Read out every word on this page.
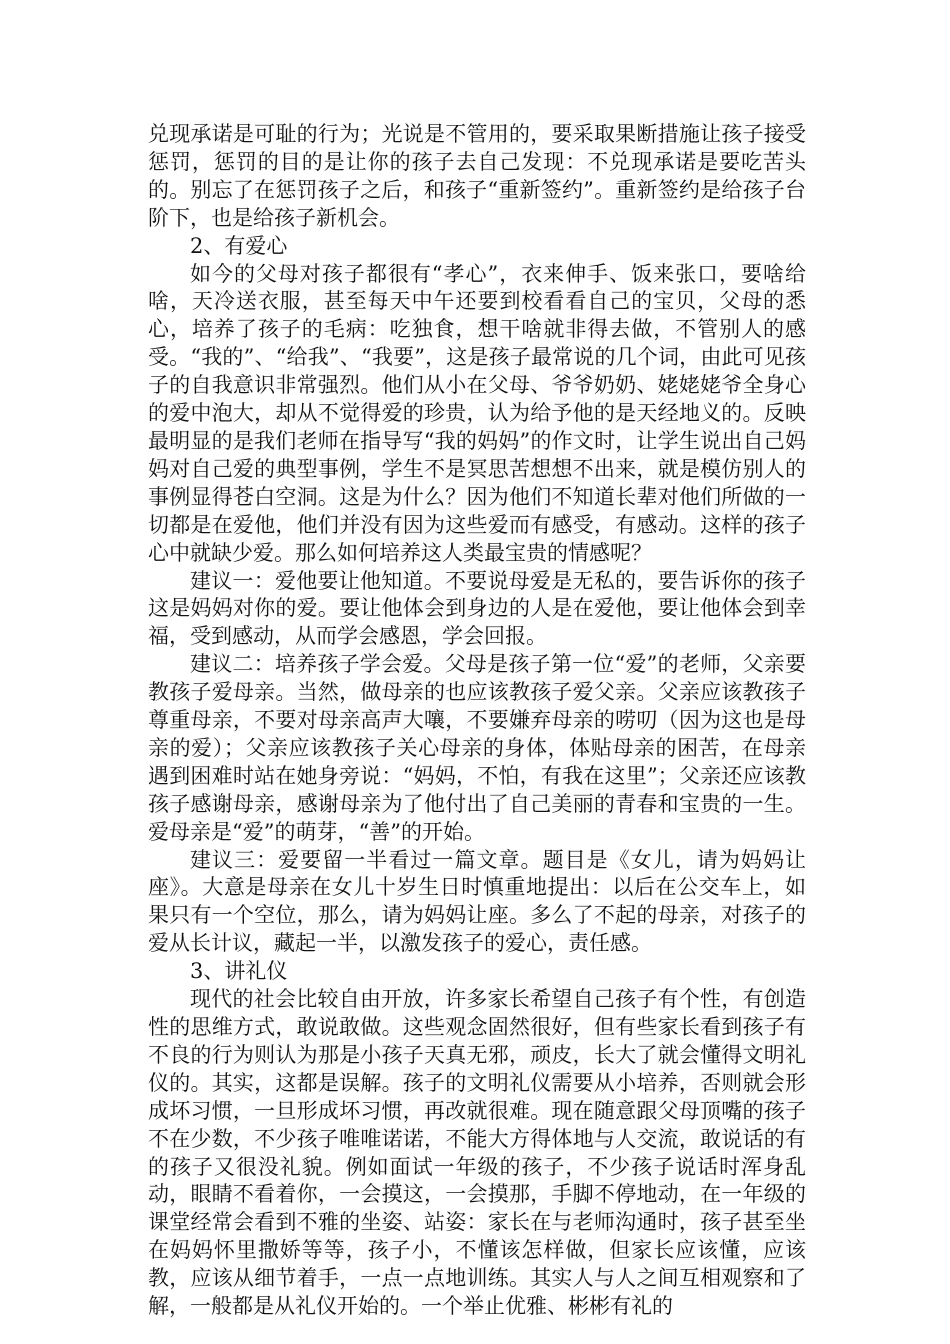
兑现承诺是可耻的行为；光说是不管用的，要采取果断措施让孩子接受惩罚，惩罚的目的是让你的孩子去自己发现：不兑现承诺是要吃苦头的。别忘了在惩罚孩子之后，和孩子“重新签约”。重新签约是给孩子台阶下，也是给孩子新机会。

2、有爱心

如今的父母对孩子都很有“孝心”，衣来伸手、饭来张口，要啥给啥，天冷送衣服，甚至每天中午还要到校看看自己的宝贝，父母的悉心，培养了孩子的毛病：吃独食，想干啥就非得去做，不管别人的感受。“我的”、“给我”、“我要”，这是孩子最常说的几个词，由此可见孩子的自我意识非常强烈。他们从小在父母、爷爷奶奶、姥姥姥爷全身心的爱中泡大，却从不觉得爱的珍贵，认为给予他的是天经地义的。反映最明显的是我们老师在指导写“我的妈妈”的作文时，让学生说出自己妈妈对自己爱的典型事例，学生不是冥思苦想想不出来，就是模仿别人的事例显得苍白空洞。这是为什么？因为他们不知道长辈对他们所做的一切都是在爱他，他们并没有因为这些爱而有感受，有感动。这样的孩子心中就缺少爱。那么如何培养这人类最宝贵的情感呢？

建议一：爱他要让他知道。不要说母爱是无私的，要告诉你的孩子这是妈妈对你的爱。要让他体会到身边的人是在爱他，要让他体会到幸福，受到感动，从而学会感恩，学会回报。

建议二：培养孩子学会爱。父母是孩子第一位“爱”的老师，父亲要教孩子爱母亲。当然，做母亲的也应该教孩子爱父亲。父亲应该教孩子尊重母亲，不要对母亲高声大嚷，不要嫌弃母亲的唠叨（因为这也是母亲的爱）；父亲应该教孩子关心母亲的身体，体贴母亲的困苦，在母亲遇到困难时站在她身旁说：“妈妈，不怕，有我在这里”；父亲还应该教孩子感谢母亲，感谢母亲为了他付出了自己美丽的青春和宝贵的一生。爱母亲是“爱”的萌芽，“善”的开始。

建议三：爱要留一半看过一篇文章。题目是《女儿，请为妈妈让座》。大意是母亲在女儿十岁生日时慎重地提出：以后在公交车上，如果只有一个空位，那么，请为妈妈让座。多么了不起的母亲，对孩子的爱从长计议，藏起一半，以激发孩子的爱心，责任感。

3、讲礼仪

现代的社会比较自由开放，许多家长希望自己孩子有个性，有创造性的思维方式，敢说敢做。这些观念固然很好，但有些家长看到孩子有不良的行为则认为那是小孩子天真无邪，顽皮，长大了就会懂得文明礼仪的。其实，这都是误解。孩子的文明礼仪需要从小培养，否则就会形成坏习惯，一旦形成坏习惯，再改就很难。现在随意跟父母顶嘴的孩子不在少数，不少孩子唯唯诺诺，不能大方得体地与人交流，敢说话的有的孩子又很没礼貌。例如面试一年级的孩子，不少孩子说话时浑身乱动，眼睛不看着你，一会摸这，一会摸那，手脚不停地动，在一年级的课堂经常会看到不雅的坐姿、站姿：家长在与老师沟通时，孩子甚至坐在妈妈怀里撒娇等等，孩子小，不懂该怎样做，但家长应该懂，应该教，应该从细节着手，一点一点地训练。其实人与人之间互相观察和了解，一般都是从礼仪开始的。一个举止优雅、彬彬有礼的
